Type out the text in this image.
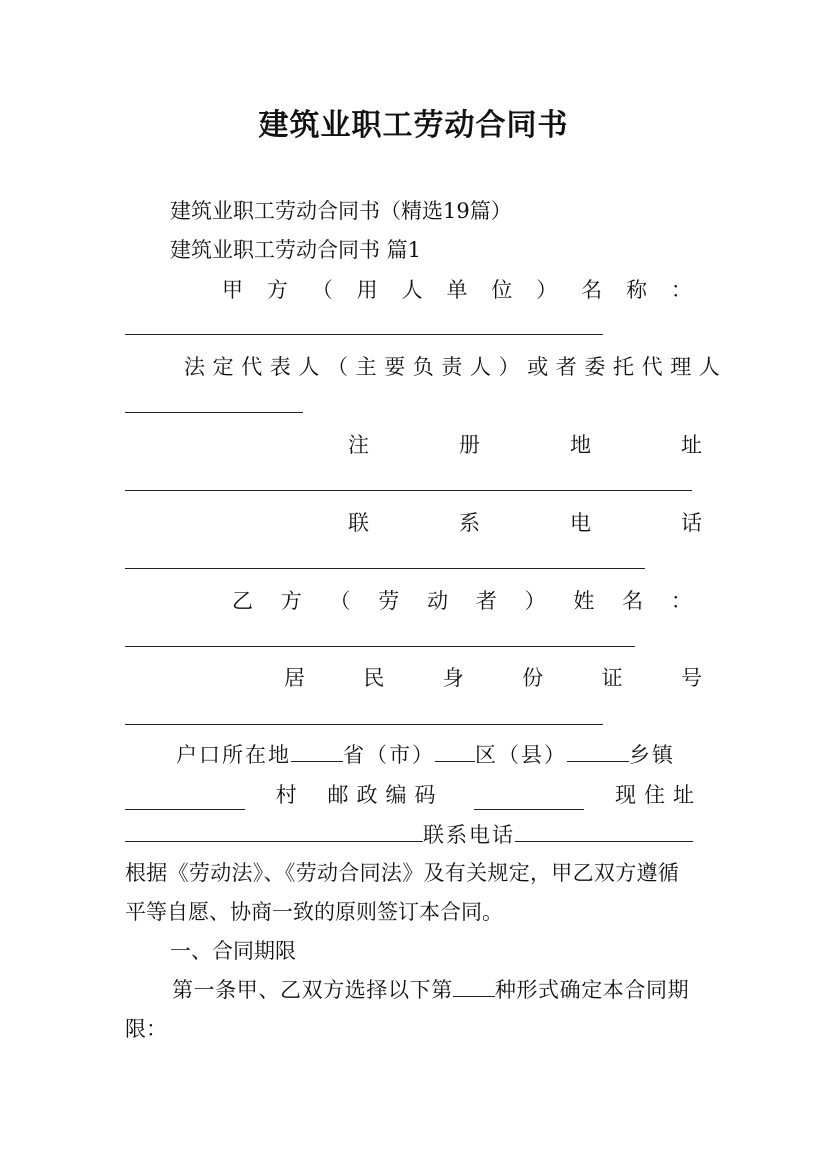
建筑业职工劳动合同书
建筑业职工劳动合同书（精选19篇）
建筑业职工劳动合同书 篇1
甲 方 （ 用 人 单 位 ） 名 称 ：
法定代表人（主要负责人）或者委托代理人
注	册	地	址
联	系	电	话
乙 方 （ 劳 动 者 ） 姓 名 ：
居	民	身	份	证	号
户口所在地 省（市） 区（县）	乡镇
村 邮政编码	现住址
联系电话
根据《劳动法》、《劳动合同法》及有关规定，甲乙双方遵循
平等自愿、协商一致的原则签订本合同。
一、合同期限
第一条甲、乙双方选择以下第 种形式确定本合同期
限：
